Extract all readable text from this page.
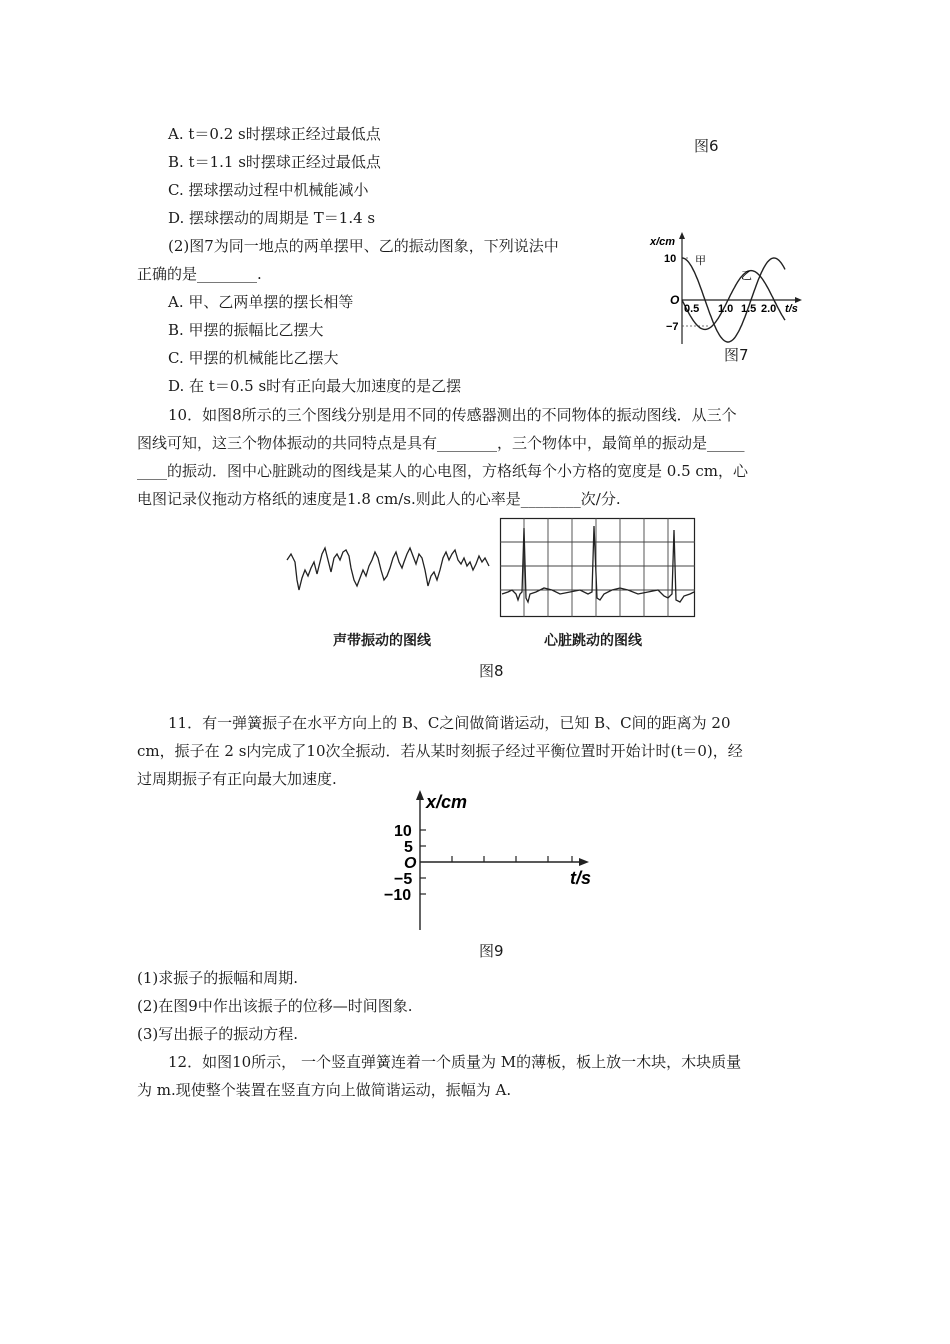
A. t＝0.2 s时摆球正经过最低点
B. t＝1.1 s时摆球正经过最低点
C. 摆球摆动过程中机械能减小
D. 摆球摆动的周期是 T＝1.4 s
图6
(2)图7为同一地点的两单摆甲、乙的振动图象，下列说法中
正确的是________.
A. 甲、乙两单摆的摆长相等
B. 甲摆的振幅比乙摆大
C. 甲摆的机械能比乙摆大
D. 在 t＝0.5 s时有正向最大加速度的是乙摆
x/cm
10
−7
O
0.5 1.0 1.5 2.0 t/s
甲
乙
图7
10．如图8所示的三个图线分别是用不同的传感器测出的不同物体的振动图线．从三个
图线可知，这三个物体振动的共同特点是具有________，三个物体中，最简单的振动是_____
____的振动．图中心脏跳动的图线是某人的心电图，方格纸每个小方格的宽度是 0.5 cm，心
电图记录仪拖动方格纸的速度是1.8 cm/s.则此人的心率是________次/分.
声带振动的图线	心脏跳动的图线
图8
11．有一弹簧振子在水平方向上的 B、C之间做简谐运动，已知 B、C间的距离为 20
cm，振子在 2 s内完成了10次全振动．若从某时刻振子经过平衡位置时开始计时(t＝0)，经
过周期振子有正向最大加速度.
x/cm
10
5
O
−5
−10
t/s
图9
(1)求振子的振幅和周期.
(2)在图9中作出该振子的位移—时间图象.
(3)写出振子的振动方程.
12．如图10所示， 一个竖直弹簧连着一个质量为 M的薄板，板上放一木块，木块质量
为 m.现使整个装置在竖直方向上做简谐运动，振幅为 A.
